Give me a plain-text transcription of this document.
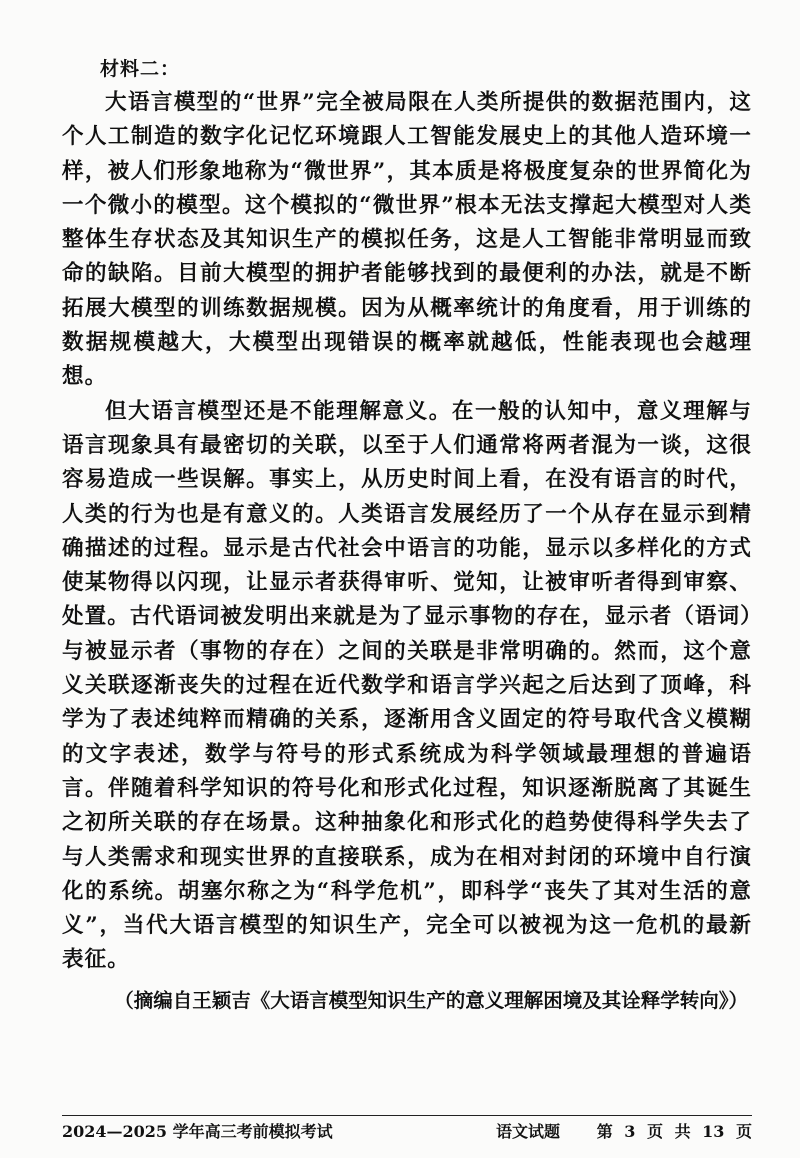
材料二：

大语言模型的“世界”完全被局限在人类所提供的数据范围内，这个人工制造的数字化记忆环境跟人工智能发展史上的其他人造环境一样，被人们形象地称为“微世界”，其本质是将极度复杂的世界简化为一个微小的模型。这个模拟的“微世界”根本无法支撑起大模型对人类整体生存状态及其知识生产的模拟任务，这是人工智能非常明显而致命的缺陷。目前大模型的拥护者能够找到的最便利的办法，就是不断拓展大模型的训练数据规模。因为从概率统计的角度看，用于训练的数据规模越大，大模型出现错误的概率就越低，性能表现也会越理想。

但大语言模型还是不能理解意义。在一般的认知中，意义理解与语言现象具有最密切的关联，以至于人们通常将两者混为一谈，这很容易造成一些误解。事实上，从历史时间上看，在没有语言的时代，人类的行为也是有意义的。人类语言发展经历了一个从存在显示到精确描述的过程。显示是古代社会中语言的功能，显示以多样化的方式使某物得以闪现，让显示者获得审听、觉知，让被审听者得到审察、处置。古代语词被发明出来就是为了显示事物的存在，显示者（语词）与被显示者（事物的存在）之间的关联是非常明确的。然而，这个意义关联逐渐丧失的过程在近代数学和语言学兴起之后达到了顶峰，科学为了表述纯粹而精确的关系，逐渐用含义固定的符号取代含义模糊的文字表述，数学与符号的形式系统成为科学领域最理想的普遍语言。伴随着科学知识的符号化和形式化过程，知识逐渐脱离了其诞生之初所关联的存在场景。这种抽象化和形式化的趋势使得科学失去了与人类需求和现实世界的直接联系，成为在相对封闭的环境中自行演化的系统。胡塞尔称之为“科学危机”，即科学“丧失了其对生活的意义”，当代大语言模型的知识生产，完全可以被视为这一危机的最新表征。

（摘编自王颖吉《大语言模型知识生产的意义理解困境及其诠释学转向》）
2024—2025 学年高三考前模拟考试	语文试题 第 3 页 共 13 页
